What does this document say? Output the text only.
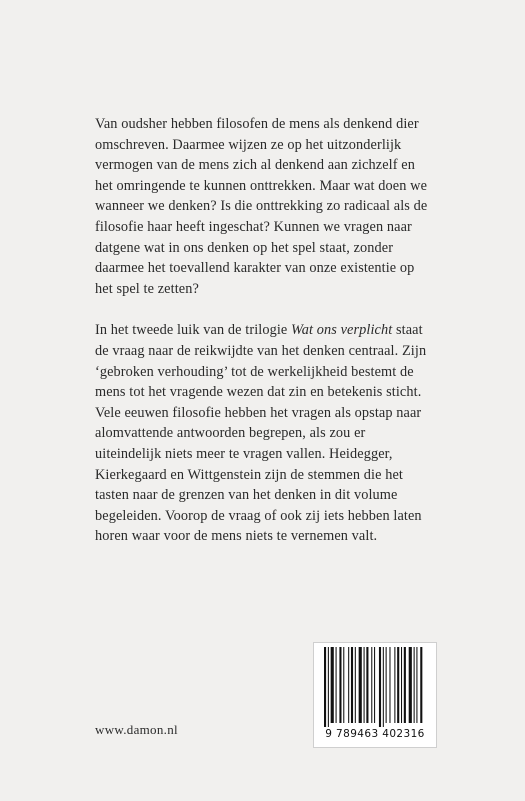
Van oudsher hebben filosofen de mens als denkend dier omschreven. Daarmee wijzen ze op het uitzonderlijk vermogen van de mens zich al denkend aan zichzelf en het omringende te kunnen onttrekken. Maar wat doen we wanneer we denken? Is die onttrekking zo radicaal als de filosofie haar heeft ingeschat? Kunnen we vragen naar datgene wat in ons denken op het spel staat, zonder daarmee het toevallend karakter van onze existentie op het spel te zetten?

In het tweede luik van de trilogie Wat ons verplicht staat de vraag naar de reikwijdte van het denken centraal. Zijn ‘gebroken verhouding’ tot de werkelijkheid bestemt de mens tot het vragende wezen dat zin en betekenis sticht. Vele eeuwen filosofie hebben het vragen als opstap naar alomvattende antwoorden begrepen, als zou er uiteindelijk niets meer te vragen vallen. Heidegger, Kierkegaard en Wittgenstein zijn de stemmen die het tasten naar de grenzen van het denken in dit volume begeleiden. Voorop de vraag of ook zij iets hebben laten horen waar voor de mens niets te vernemen valt.

www.damon.nl	9 789463 402316
